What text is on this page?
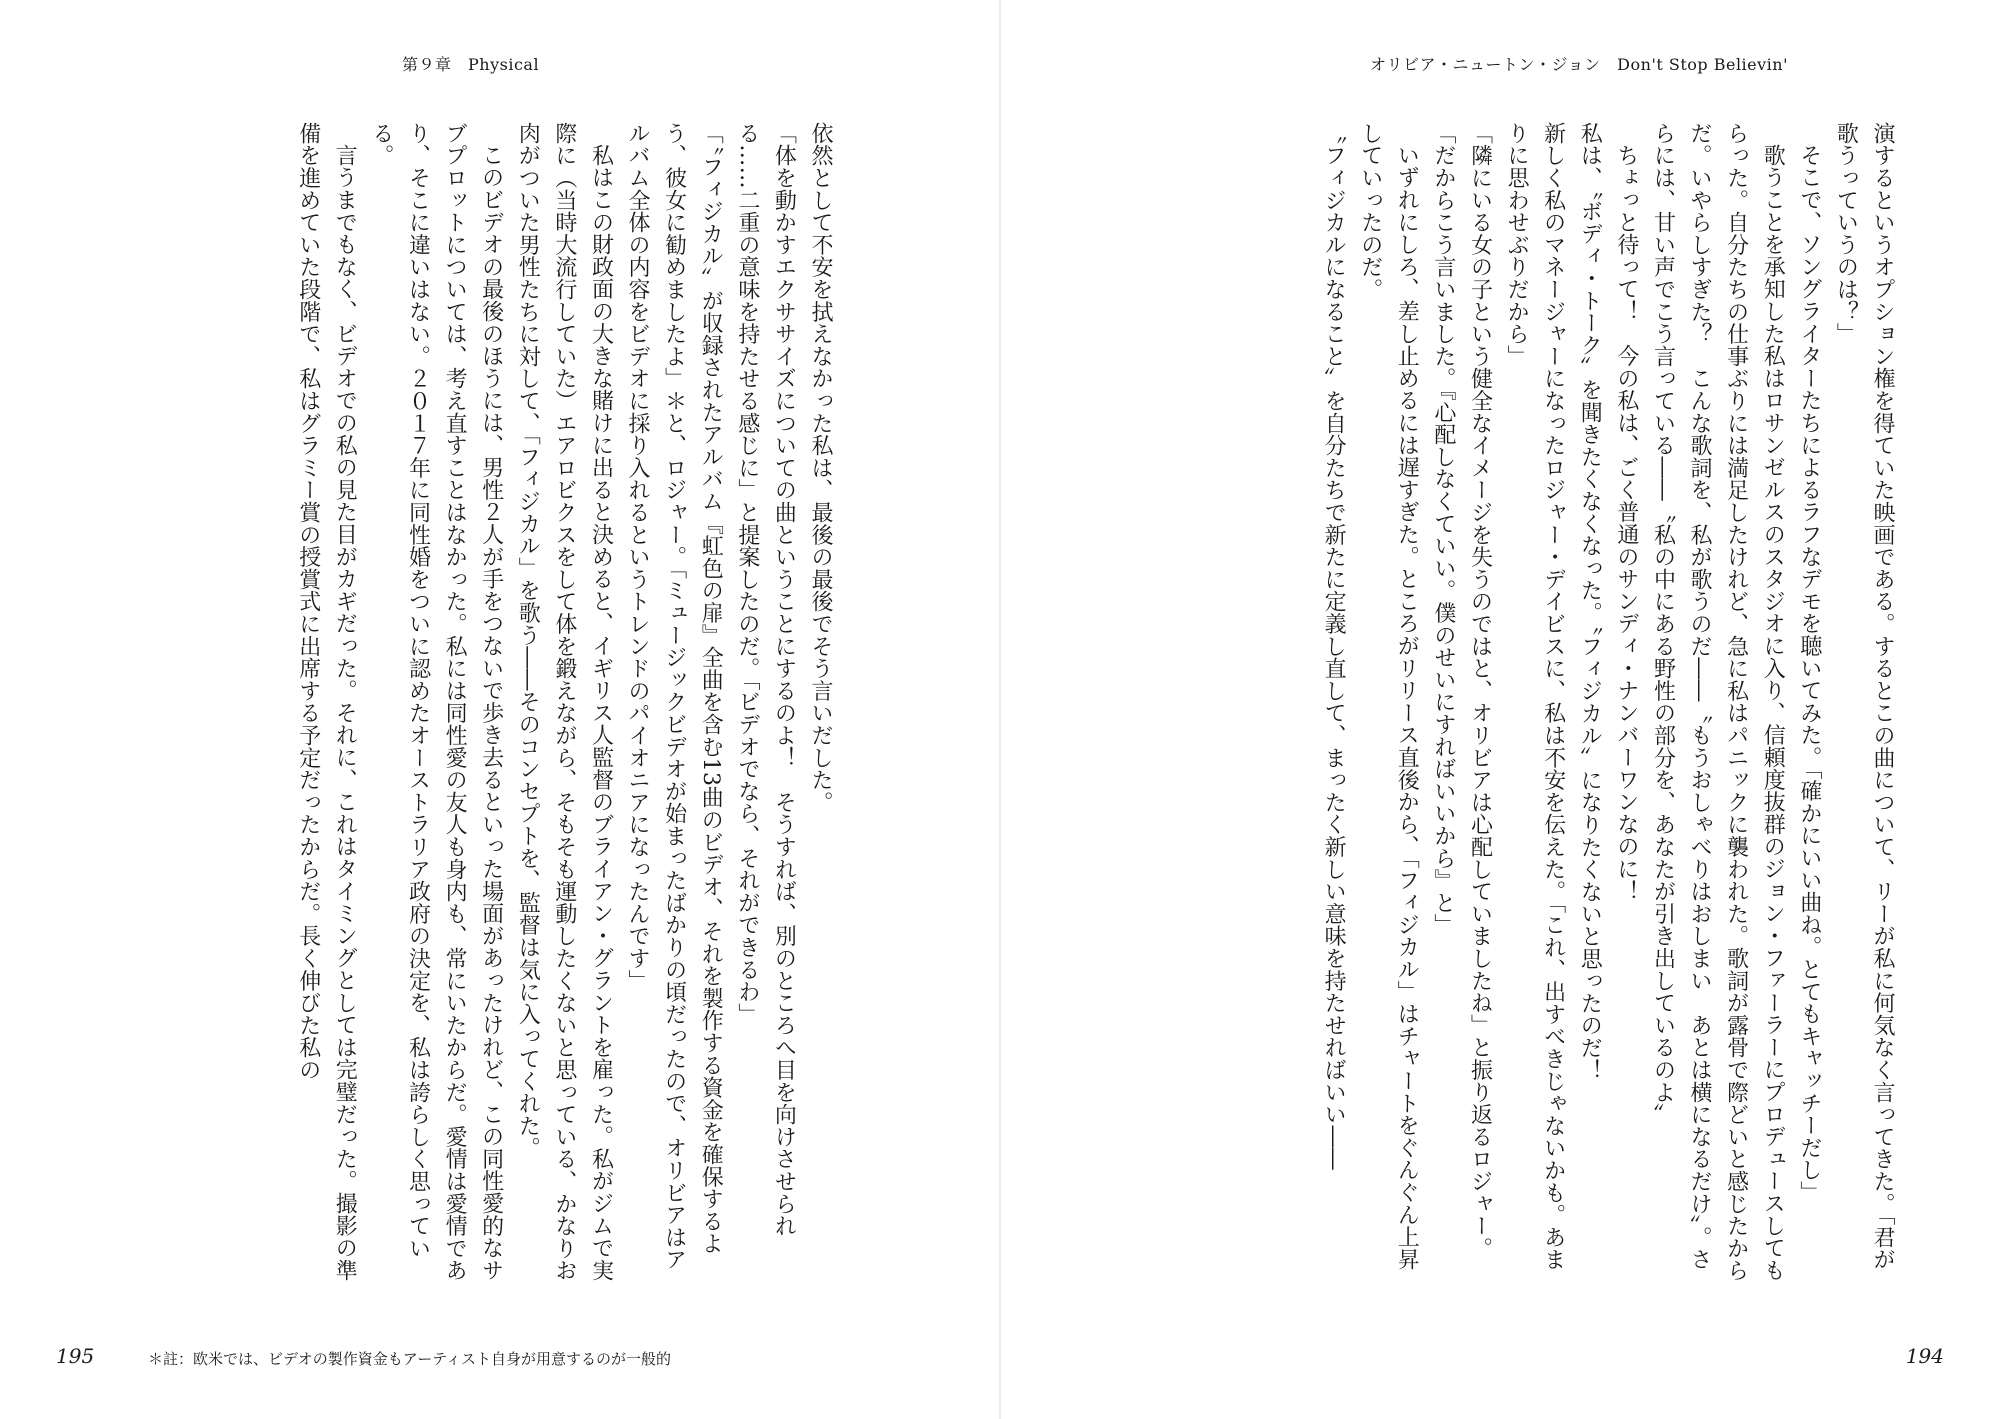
第９章　Physical

依然として不安を拭えなかった私は、最後の最後でそう言いだした。

「体を動かすエクササイズについての曲ということにするのよ！　そうすれば、別のところへ目を向けさせられる……二重の意味を持たせる感じに」と提案したのだ。「ビデオでなら、それができるわ」

「〝フィジカル〟が収録されたアルバム『虹色の扉』全曲を含む13曲のビデオ、それを製作する資金を確保するよう、彼女に勧めましたよ」＊と、ロジャー。「ミュージックビデオが始まったばかりの頃だったので、オリビアはアルバム全体の内容をビデオに採り入れるというトレンドのパイオニアになったんです」

私はこの財政面の大きな賭けに出ると決めると、イギリス人監督のブライアン・グラントを雇った。私がジムで実際に（当時大流行していた）エアロビクスをして体を鍛えながら、そもそも運動したくないと思っている、かなりお肉がついた男性たちに対して、「フィジカル」を歌う――そのコンセプトを、監督は気に入ってくれた。

このビデオの最後のほうには、男性２人が手をつないで歩き去るといった場面があったけれど、この同性愛的なサブプロットについては、考え直すことはなかった。私には同性愛の友人も身内も、常にいたからだ。愛情は愛情であり、そこに違いはない。２０１７年に同性婚をついに認めたオーストラリア政府の決定を、私は誇らしく思っている。

言うまでもなく、ビデオでの私の見た目がカギだった。それに、これはタイミングとしては完璧だった。撮影の準備を進めていた段階で、私はグラミー賞の授賞式に出席する予定だったからだ。長く伸びた私の

195	＊註：欧米では、ビデオの製作資金もアーティスト自身が用意するのが一般的
オリビア・ニュートン・ジョン　Don't Stop Believin'

演するというオプション権を得ていた映画である。するとこの曲について、リーが私に何気なく言ってきた。「君が歌うっていうのは？」

そこで、ソングライターたちによるラフなデモを聴いてみた。「確かにいい曲ね。とてもキャッチーだし」

歌うことを承知した私はロサンゼルスのスタジオに入り、信頼度抜群のジョン・ファーラーにプロデュースしてもらった。自分たちの仕事ぶりには満足したけれど、急に私はパニックに襲われた。歌詞が露骨で際どいと感じたからだ。いやらしすぎた？　こんな歌詞を、私が歌うのだ――〝もうおしゃべりはおしまい　あとは横になるだけ〟。さらには、甘い声でこう言っている――〝私の中にある野性の部分を、あなたが引き出しているのよ〟

ちょっと待って！　今の私は、ごく普通のサンディ・ナンバーワンなのに！

私は、〝ボディ・トーク〟を聞きたくなくなった。〝フィジカル〟になりたくないと思ったのだ！

新しく私のマネージャーになったロジャー・デイビスに、私は不安を伝えた。「これ、出すべきじゃないかも。あまりに思わせぶりだから」

「隣にいる女の子という健全なイメージを失うのではと、オリビアは心配していましたね」と振り返るロジャー。「だからこう言いました。『心配しなくていい。僕のせいにすればいいから』と」

いずれにしろ、差し止めるには遅すぎた。ところがリリース直後から、「フィジカル」はチャートをぐんぐん上昇していったのだ。

〝フィジカルになること〟を自分たちで新たに定義し直して、まったく新しい意味を持たせればいい――

194
